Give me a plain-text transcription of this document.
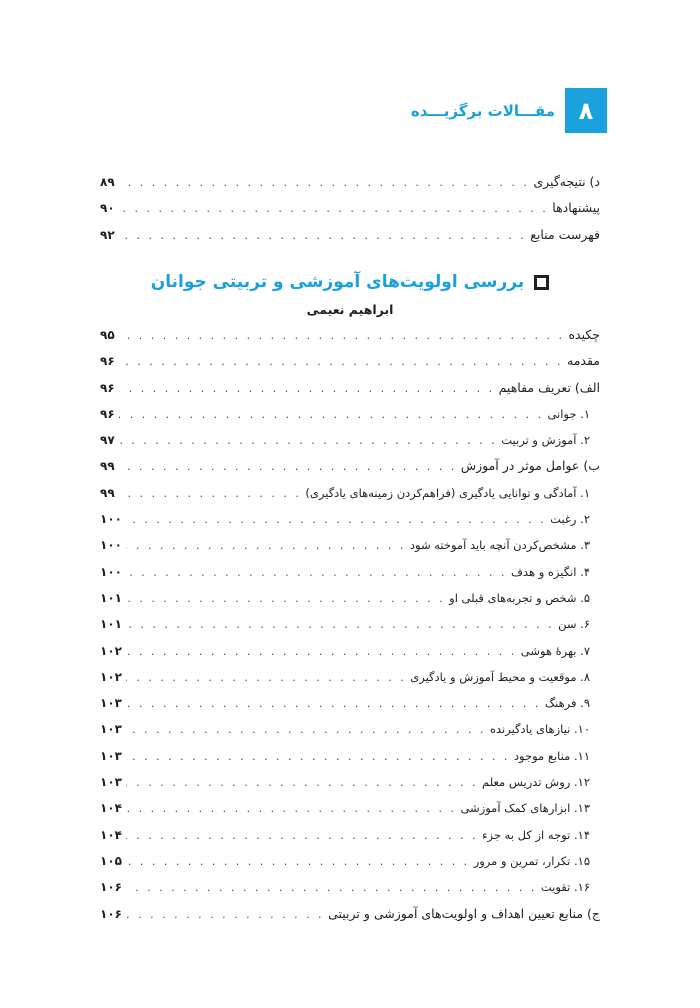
۸
مقـــالات برگزیـــده
د) نتیجه‌گیری
. . .
۸۹
پیشنهادها
. . .
۹۰
فهرست منابع
. . .
۹۲
بررسی اولویت‌های آموزشی و تربیتی جوانان
ابراهیم نعیمی
چکیده
. . .
۹۵
مقدمه
. . .
۹۶
الف) تعریف مفاهیم
. . .
۹۶
۱. جوانی
. . .
۹۶
۲. آموزش و تربیت
. . .
۹۷
ب) عوامل موثر در آموزش
. . .
۹۹
۱. آمادگی و توانایی یادگیری (فراهم‌کردن زمینه‌های یادگیری)
. . .
۹۹
۲. رغبت
. . .
۱۰۰
۳. مشخص‌کردن آنچه باید آموخته شود
. . .
۱۰۰
۴. انگیزه و هدف
. . .
۱۰۰
۵. شخص و تجربه‌های قبلی او
. . .
۱۰۱
۶. سن
. . .
۱۰۱
۷. بهرهٔ هوشی
. . .
۱۰۲
۸. موقعیت و محیط آموزش و یادگیری
. . .
۱۰۲
۹. فرهنگ
. . .
۱۰۳
۱۰. نیازهای یادگیرنده
. . .
۱۰۳
۱۱. منابع موجود
. . .
۱۰۳
۱۲. روش تدریس معلم
. . .
۱۰۳
۱۳. ابزارهای کمک آموزشی
. . .
۱۰۴
۱۴. توجه از کل به جزء
. . .
۱۰۴
۱۵. تکرار، تمرین و مرور
. . .
۱۰۵
۱۶. تقویت
. . .
۱۰۶
ج) منابع تعیین اهداف و اولویت‌های آموزشی و تربیتی
. . .
۱۰۶
